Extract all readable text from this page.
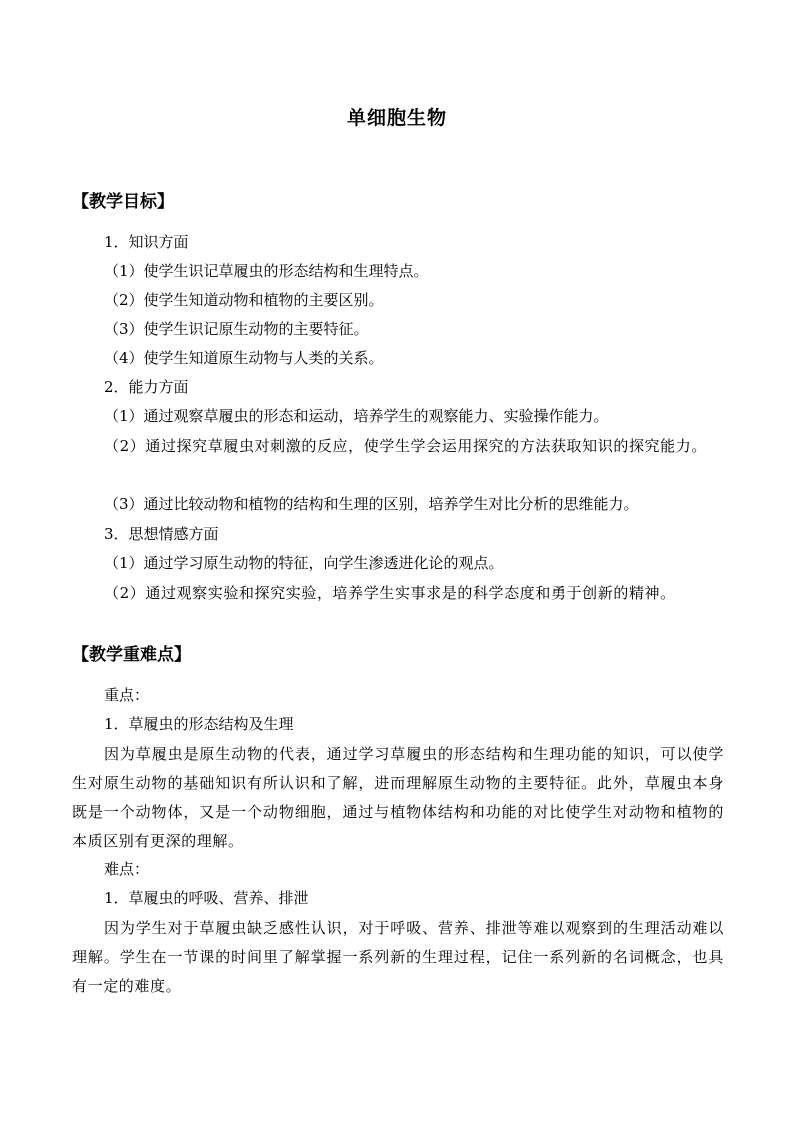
单细胞生物
【教学目标】
1．知识方面
（1）使学生识记草履虫的形态结构和生理特点。
（2）使学生知道动物和植物的主要区别。
（3）使学生识记原生动物的主要特征。
（4）使学生知道原生动物与人类的关系。
2．能力方面
（1）通过观察草履虫的形态和运动，培养学生的观察能力、实验操作能力。
（2）通过探究草履虫对刺激的反应，使学生学会运用探究的方法获取知识的探究能力。
（3）通过比较动物和植物的结构和生理的区别，培养学生对比分析的思维能力。
3．思想情感方面
（1）通过学习原生动物的特征，向学生渗透进化论的观点。
（2）通过观察实验和探究实验，培养学生实事求是的科学态度和勇于创新的精神。
【教学重难点】
重点：
1．草履虫的形态结构及生理
因为草履虫是原生动物的代表，通过学习草履虫的形态结构和生理功能的知识，可以使学生对原生动物的基础知识有所认识和了解，进而理解原生动物的主要特征。此外，草履虫本身既是一个动物体，又是一个动物细胞，通过与植物体结构和功能的对比使学生对动物和植物的本质区别有更深的理解。
难点：
1．草履虫的呼吸、营养、排泄
因为学生对于草履虫缺乏感性认识，对于呼吸、营养、排泄等难以观察到的生理活动难以理解。学生在一节课的时间里了解掌握一系列新的生理过程，记住一系列新的名词概念，也具有一定的难度。
